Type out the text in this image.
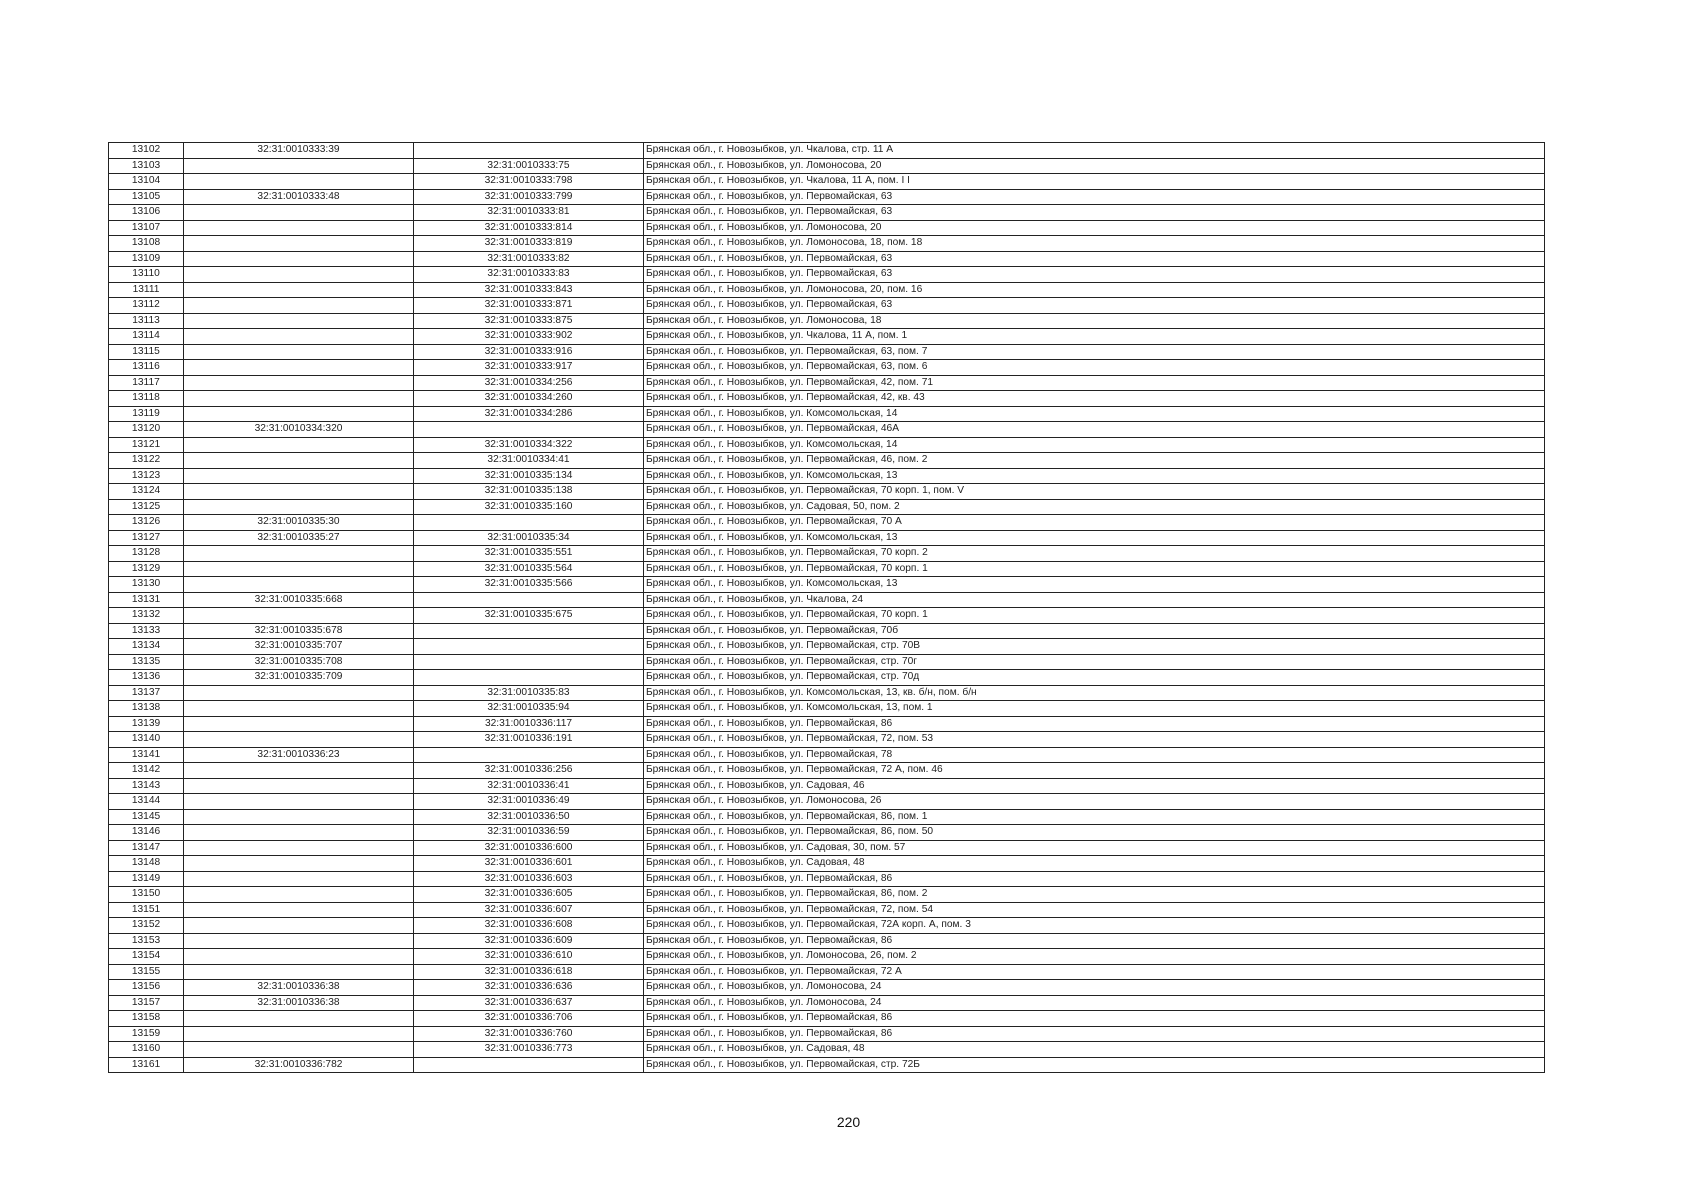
13102	32:31:0010333:39		Брянская обл., г. Новозыбков, ул. Чкалова, стр. 11 А
13103		32:31:0010333:75	Брянская обл., г. Новозыбков, ул. Ломоносова, 20
13104		32:31:0010333:798	Брянская обл., г. Новозыбков, ул. Чкалова, 11 А, пом. I I
13105	32:31:0010333:48	32:31:0010333:799	Брянская обл., г. Новозыбков, ул. Первомайская, 63
13106		32:31:0010333:81	Брянская обл., г. Новозыбков, ул. Первомайская, 63
13107		32:31:0010333:814	Брянская обл., г. Новозыбков, ул. Ломоносова, 20
13108		32:31:0010333:819	Брянская обл., г. Новозыбков, ул. Ломоносова, 18, пом. 18
13109		32:31:0010333:82	Брянская обл., г. Новозыбков, ул. Первомайская, 63
13110		32:31:0010333:83	Брянская обл., г. Новозыбков, ул. Первомайская, 63
13111		32:31:0010333:843	Брянская обл., г. Новозыбков, ул. Ломоносова, 20, пом. 16
13112		32:31:0010333:871	Брянская обл., г. Новозыбков, ул. Первомайская, 63
13113		32:31:0010333:875	Брянская обл., г. Новозыбков, ул. Ломоносова, 18
13114		32:31:0010333:902	Брянская обл., г. Новозыбков, ул. Чкалова, 11 А, пом. 1
13115		32:31:0010333:916	Брянская обл., г. Новозыбков, ул. Первомайская, 63, пом. 7
13116		32:31:0010333:917	Брянская обл., г. Новозыбков, ул. Первомайская, 63, пом. 6
13117		32:31:0010334:256	Брянская обл., г. Новозыбков, ул. Первомайская, 42, пом. 71
13118		32:31:0010334:260	Брянская обл., г. Новозыбков, ул. Первомайская, 42, кв. 43
13119		32:31:0010334:286	Брянская обл., г. Новозыбков, ул. Комсомольская, 14
13120	32:31:0010334:320		Брянская обл., г. Новозыбков, ул. Первомайская, 46А
13121		32:31:0010334:322	Брянская обл., г. Новозыбков, ул. Комсомольская, 14
13122		32:31:0010334:41	Брянская обл., г. Новозыбков, ул. Первомайская, 46, пом. 2
13123		32:31:0010335:134	Брянская обл., г. Новозыбков, ул. Комсомольская, 13
13124		32:31:0010335:138	Брянская обл., г. Новозыбков, ул. Первомайская, 70 корп. 1, пом. V
13125		32:31:0010335:160	Брянская обл., г. Новозыбков, ул. Садовая, 50, пом. 2
13126	32:31:0010335:30		Брянская обл., г. Новозыбков, ул. Первомайская, 70 А
13127	32:31:0010335:27	32:31:0010335:34	Брянская обл., г. Новозыбков, ул. Комсомольская, 13
13128		32:31:0010335:551	Брянская обл., г. Новозыбков, ул. Первомайская, 70 корп. 2
13129		32:31:0010335:564	Брянская обл., г. Новозыбков, ул. Первомайская, 70 корп. 1
13130		32:31:0010335:566	Брянская обл., г. Новозыбков, ул. Комсомольская, 13
13131	32:31:0010335:668		Брянская обл., г. Новозыбков, ул. Чкалова, 24
13132		32:31:0010335:675	Брянская обл., г. Новозыбков, ул. Первомайская, 70 корп. 1
13133	32:31:0010335:678		Брянская обл., г. Новозыбков, ул. Первомайская, 70б
13134	32:31:0010335:707		Брянская обл., г. Новозыбков, ул. Первомайская, стр. 70В
13135	32:31:0010335:708		Брянская обл., г. Новозыбков, ул. Первомайская, стр. 70г
13136	32:31:0010335:709		Брянская обл., г. Новозыбков, ул. Первомайская, стр. 70д
13137		32:31:0010335:83	Брянская обл., г. Новозыбков, ул. Комсомольская, 13, кв. б/н, пом. б/н
13138		32:31:0010335:94	Брянская обл., г. Новозыбков, ул. Комсомольская, 13, пом. 1
13139		32:31:0010336:117	Брянская обл., г. Новозыбков, ул. Первомайская, 86
13140		32:31:0010336:191	Брянская обл., г. Новозыбков, ул. Первомайская, 72, пом. 53
13141	32:31:0010336:23		Брянская обл., г. Новозыбков, ул. Первомайская, 78
13142		32:31:0010336:256	Брянская обл., г. Новозыбков, ул. Первомайская, 72 А, пом. 46
13143		32:31:0010336:41	Брянская обл., г. Новозыбков, ул. Садовая, 46
13144		32:31:0010336:49	Брянская обл., г. Новозыбков, ул. Ломоносова, 26
13145		32:31:0010336:50	Брянская обл., г. Новозыбков, ул. Первомайская, 86, пом. 1
13146		32:31:0010336:59	Брянская обл., г. Новозыбков, ул. Первомайская, 86, пом. 50
13147		32:31:0010336:600	Брянская обл., г. Новозыбков, ул. Садовая, 30, пом. 57
13148		32:31:0010336:601	Брянская обл., г. Новозыбков, ул. Садовая, 48
13149		32:31:0010336:603	Брянская обл., г. Новозыбков, ул. Первомайская, 86
13150		32:31:0010336:605	Брянская обл., г. Новозыбков, ул. Первомайская, 86, пом. 2
13151		32:31:0010336:607	Брянская обл., г. Новозыбков, ул. Первомайская, 72, пом. 54
13152		32:31:0010336:608	Брянская обл., г. Новозыбков, ул. Первомайская, 72А корп. А, пом. 3
13153		32:31:0010336:609	Брянская обл., г. Новозыбков, ул. Первомайская, 86
13154		32:31:0010336:610	Брянская обл., г. Новозыбков, ул. Ломоносова, 26, пом. 2
13155		32:31:0010336:618	Брянская обл., г. Новозыбков, ул. Первомайская, 72 А
13156	32:31:0010336:38	32:31:0010336:636	Брянская обл., г. Новозыбков, ул. Ломоносова, 24
13157	32:31:0010336:38	32:31:0010336:637	Брянская обл., г. Новозыбков, ул. Ломоносова, 24
13158		32:31:0010336:706	Брянская обл., г. Новозыбков, ул. Первомайская, 86
13159		32:31:0010336:760	Брянская обл., г. Новозыбков, ул. Первомайская, 86
13160		32:31:0010336:773	Брянская обл., г. Новозыбков, ул. Садовая, 48
13161	32:31:0010336:782		Брянская обл., г. Новозыбков, ул. Первомайская, стр. 72Б
220
